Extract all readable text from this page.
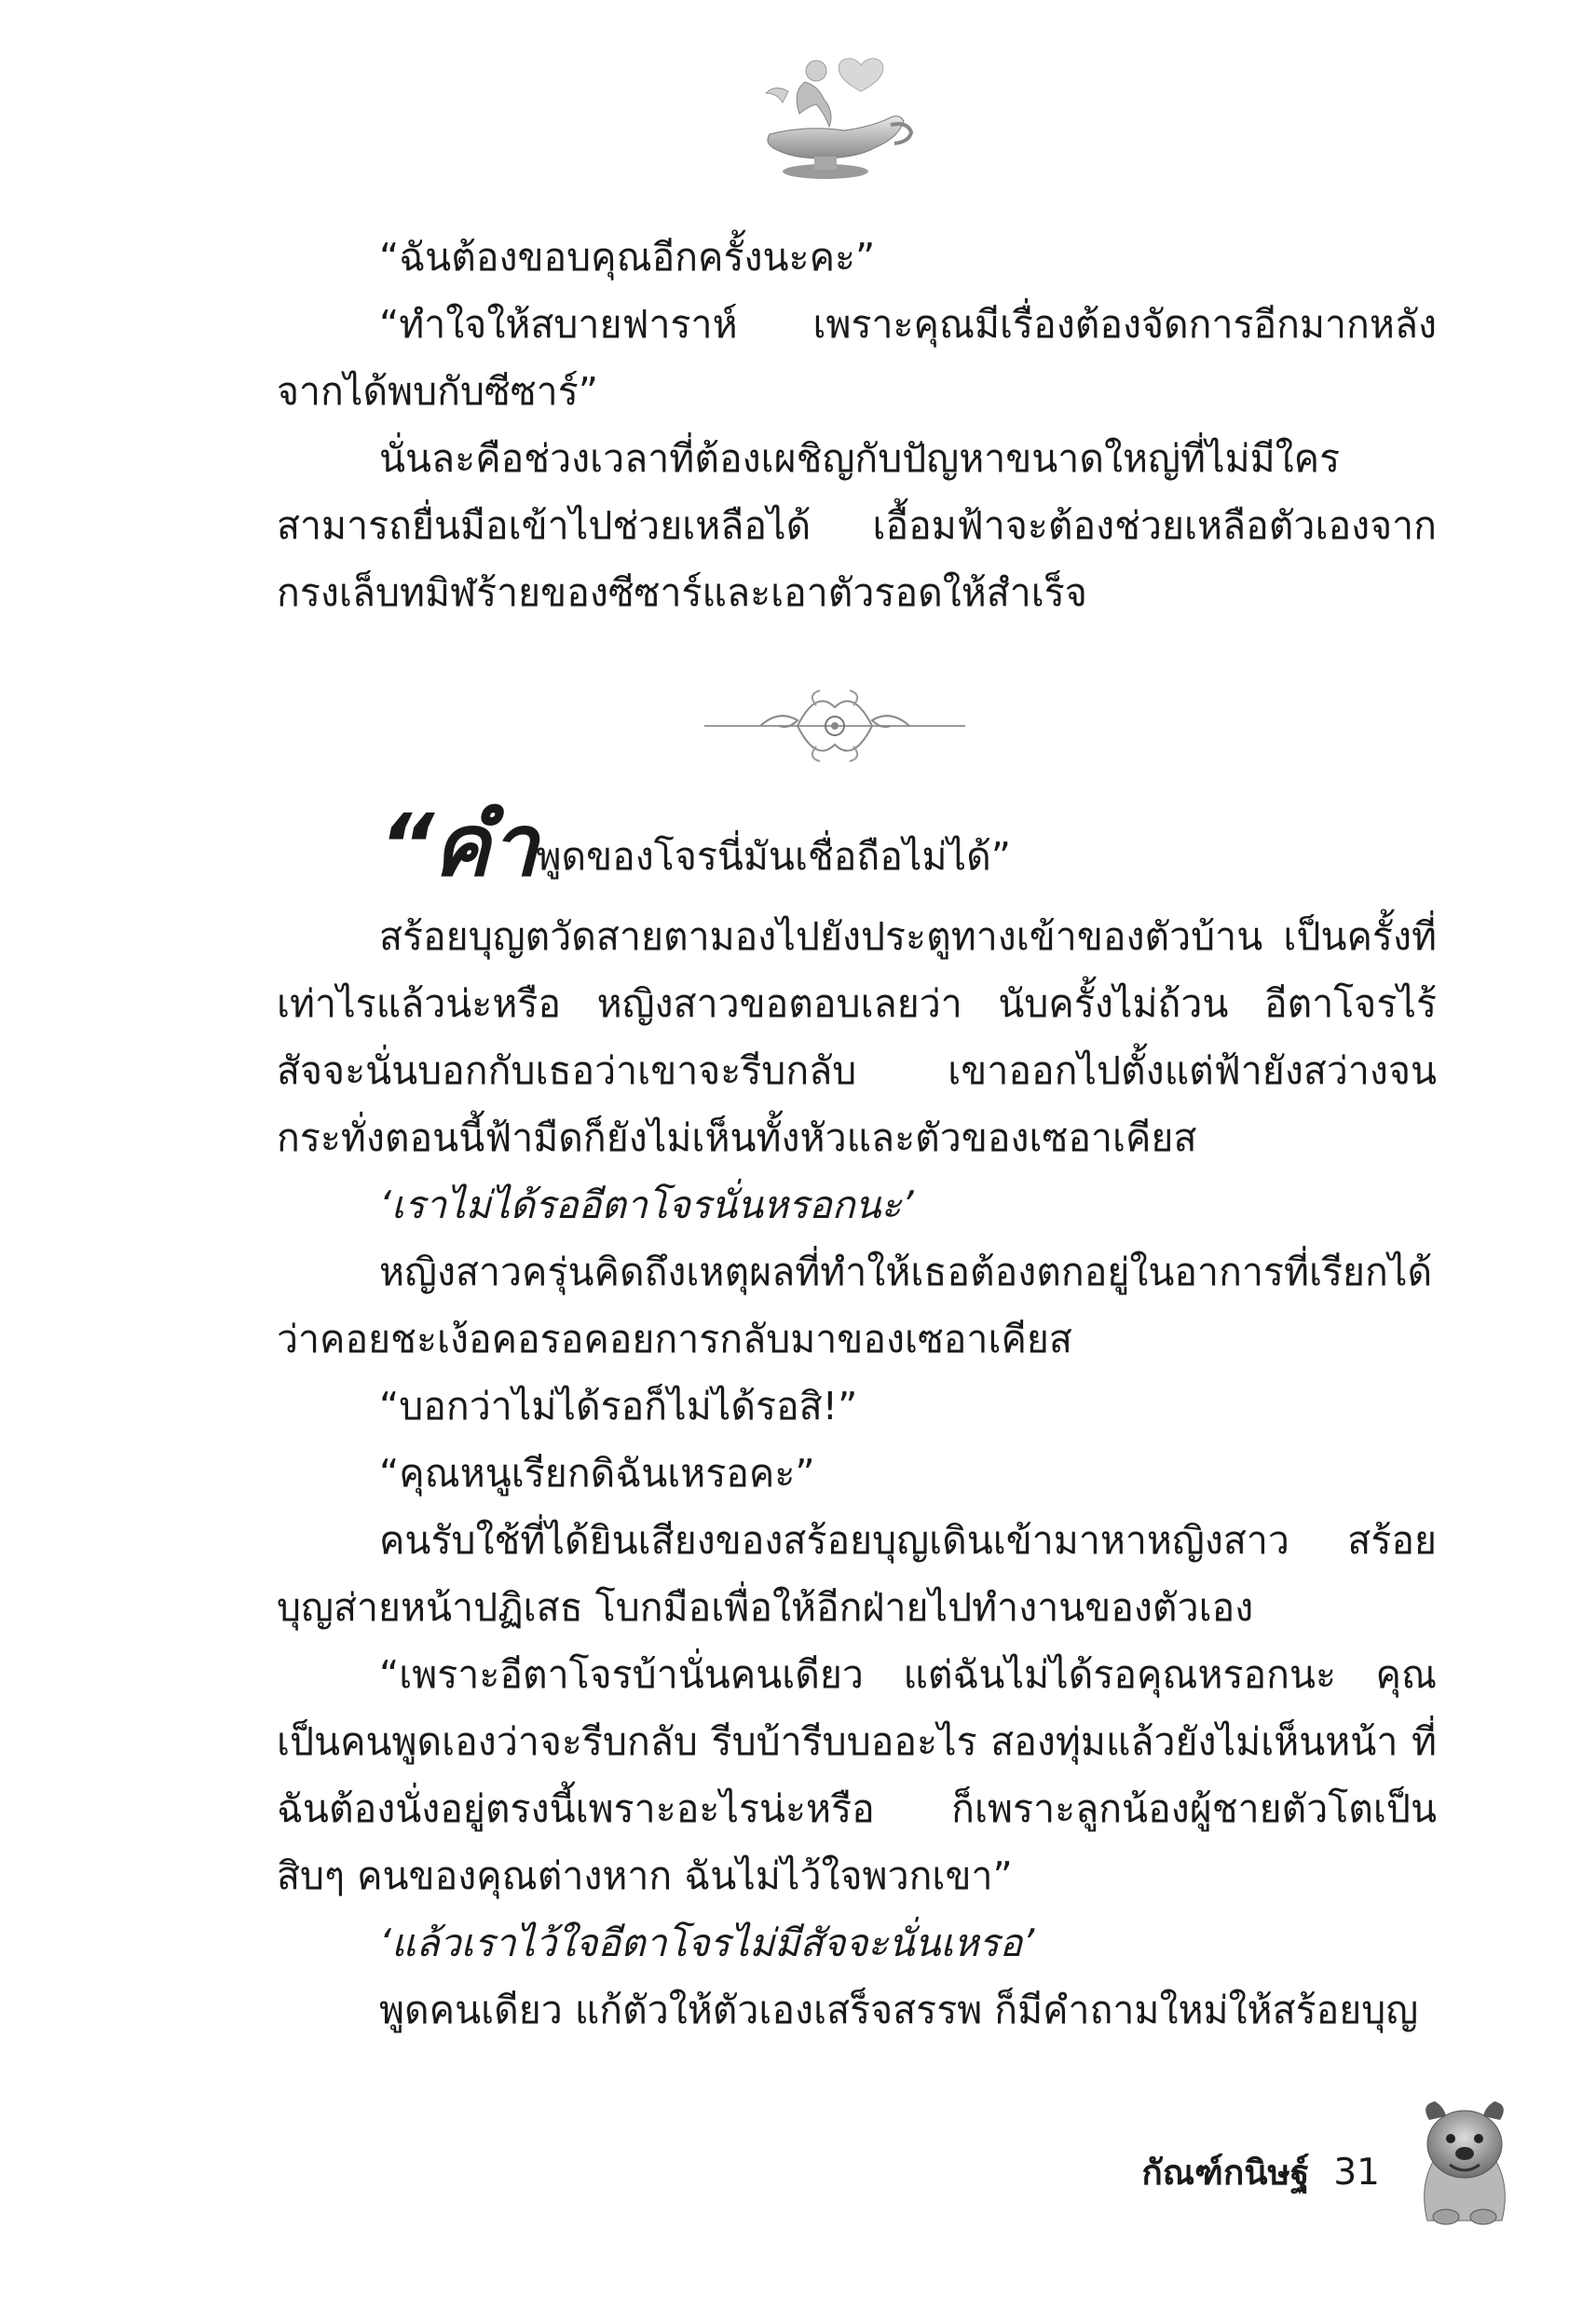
“ฉันต้องขอบคุณอีกครั้งนะคะ”

“ทำใจให้สบายฟาราห์ เพราะคุณมีเรื่องต้องจัดการอีกมากหลังจากได้พบกับซีซาร์”

นั่นละคือช่วงเวลาที่ต้องเผชิญกับปัญหาขนาดใหญ่ที่ไม่มีใครสามารถยื่นมือเข้าไปช่วยเหลือได้ เอื้อมฟ้าจะต้องช่วยเหลือตัวเองจากกรงเล็บทมิฬร้ายของซีซาร์และเอาตัวรอดให้สำเร็จ

“คำพูดของโจรนี่มันเชื่อถือไม่ได้”

สร้อยบุญตวัดสายตามองไปยังประตูทางเข้าของตัวบ้าน เป็นครั้งที่เท่าไรแล้วน่ะหรือ หญิงสาวขอตอบเลยว่า นับครั้งไม่ถ้วน อีตาโจรไร้สัจจะนั่นบอกกับเธอว่าเขาจะรีบกลับ เขาออกไปตั้งแต่ฟ้ายังสว่างจนกระทั่งตอนนี้ฟ้ามืดก็ยังไม่เห็นทั้งหัวและตัวของเซอาเคียส

‘เราไม่ได้รออีตาโจรนั่นหรอกนะ’

หญิงสาวครุ่นคิดถึงเหตุผลที่ทำให้เธอต้องตกอยู่ในอาการที่เรียกได้ว่าคอยชะเง้อคอรอคอยการกลับมาของเซอาเคียส

“บอกว่าไม่ได้รอก็ไม่ได้รอสิ!”

“คุณหนูเรียกดิฉันเหรอคะ”

คนรับใช้ที่ได้ยินเสียงของสร้อยบุญเดินเข้ามาหาหญิงสาว สร้อยบุญส่ายหน้าปฏิเสธ โบกมือเพื่อให้อีกฝ่ายไปทำงานของตัวเอง

“เพราะอีตาโจรบ้านั่นคนเดียว แต่ฉันไม่ได้รอคุณหรอกนะ คุณเป็นคนพูดเองว่าจะรีบกลับ รีบบ้ารีบบออะไร สองทุ่มแล้วยังไม่เห็นหน้า ที่ฉันต้องนั่งอยู่ตรงนี้เพราะอะไรน่ะหรือ ก็เพราะลูกน้องผู้ชายตัวโตเป็นสิบๆ คนของคุณต่างหาก ฉันไม่ไว้ใจพวกเขา”

‘แล้วเราไว้ใจอีตาโจรไม่มีสัจจะนั่นเหรอ’

พูดคนเดียว แก้ตัวให้ตัวเองเสร็จสรรพ ก็มีคำถามใหม่ให้สร้อยบุญ

กัณฑ์กนิษฐ์ 31
